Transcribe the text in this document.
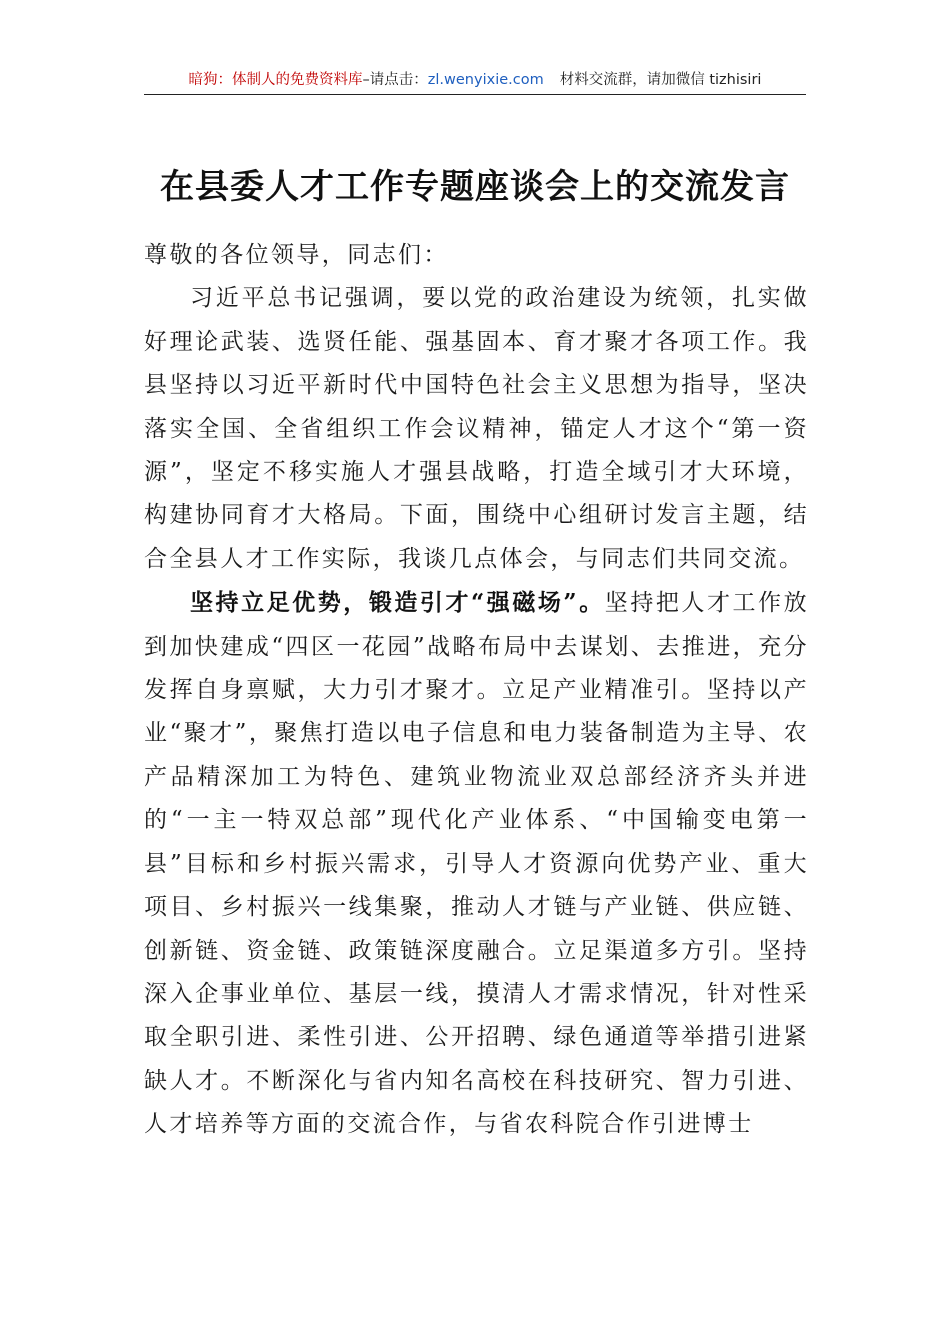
暗狗：体制人的免费资料库–请点击：zl.wenyixie.com 材料交流群，请加微信 tizhisiri
在县委人才工作专题座谈会上的交流发言

尊敬的各位领导，同志们：

习近平总书记强调，要以党的政治建设为统领，扎实做好理论武装、选贤任能、强基固本、育才聚才各项工作。我县坚持以习近平新时代中国特色社会主义思想为指导，坚决落实全国、全省组织工作会议精神，锚定人才这个“第一资源”，坚定不移实施人才强县战略，打造全域引才大环境，构建协同育才大格局。下面，围绕中心组研讨发言主题，结合全县人才工作实际，我谈几点体会，与同志们共同交流。

坚持立足优势，锻造引才“强磁场”。坚持把人才工作放到加快建成“四区一花园”战略布局中去谋划、去推进，充分发挥自身禀赋，大力引才聚才。立足产业精准引。坚持以产业“聚才”，聚焦打造以电子信息和电力装备制造为主导、农产品精深加工为特色、建筑业物流业双总部经济齐头并进的“一主一特双总部”现代化产业体系、“中国输变电第一县”目标和乡村振兴需求，引导人才资源向优势产业、重大项目、乡村振兴一线集聚，推动人才链与产业链、供应链、创新链、资金链、政策链深度融合。立足渠道多方引。坚持深入企事业单位、基层一线，摸清人才需求情况，针对性采取全职引进、柔性引进、公开招聘、绿色通道等举措引进紧缺人才。不断深化与省内知名高校在科技研究、智力引进、人才培养等方面的交流合作，与省农科院合作引进博士
